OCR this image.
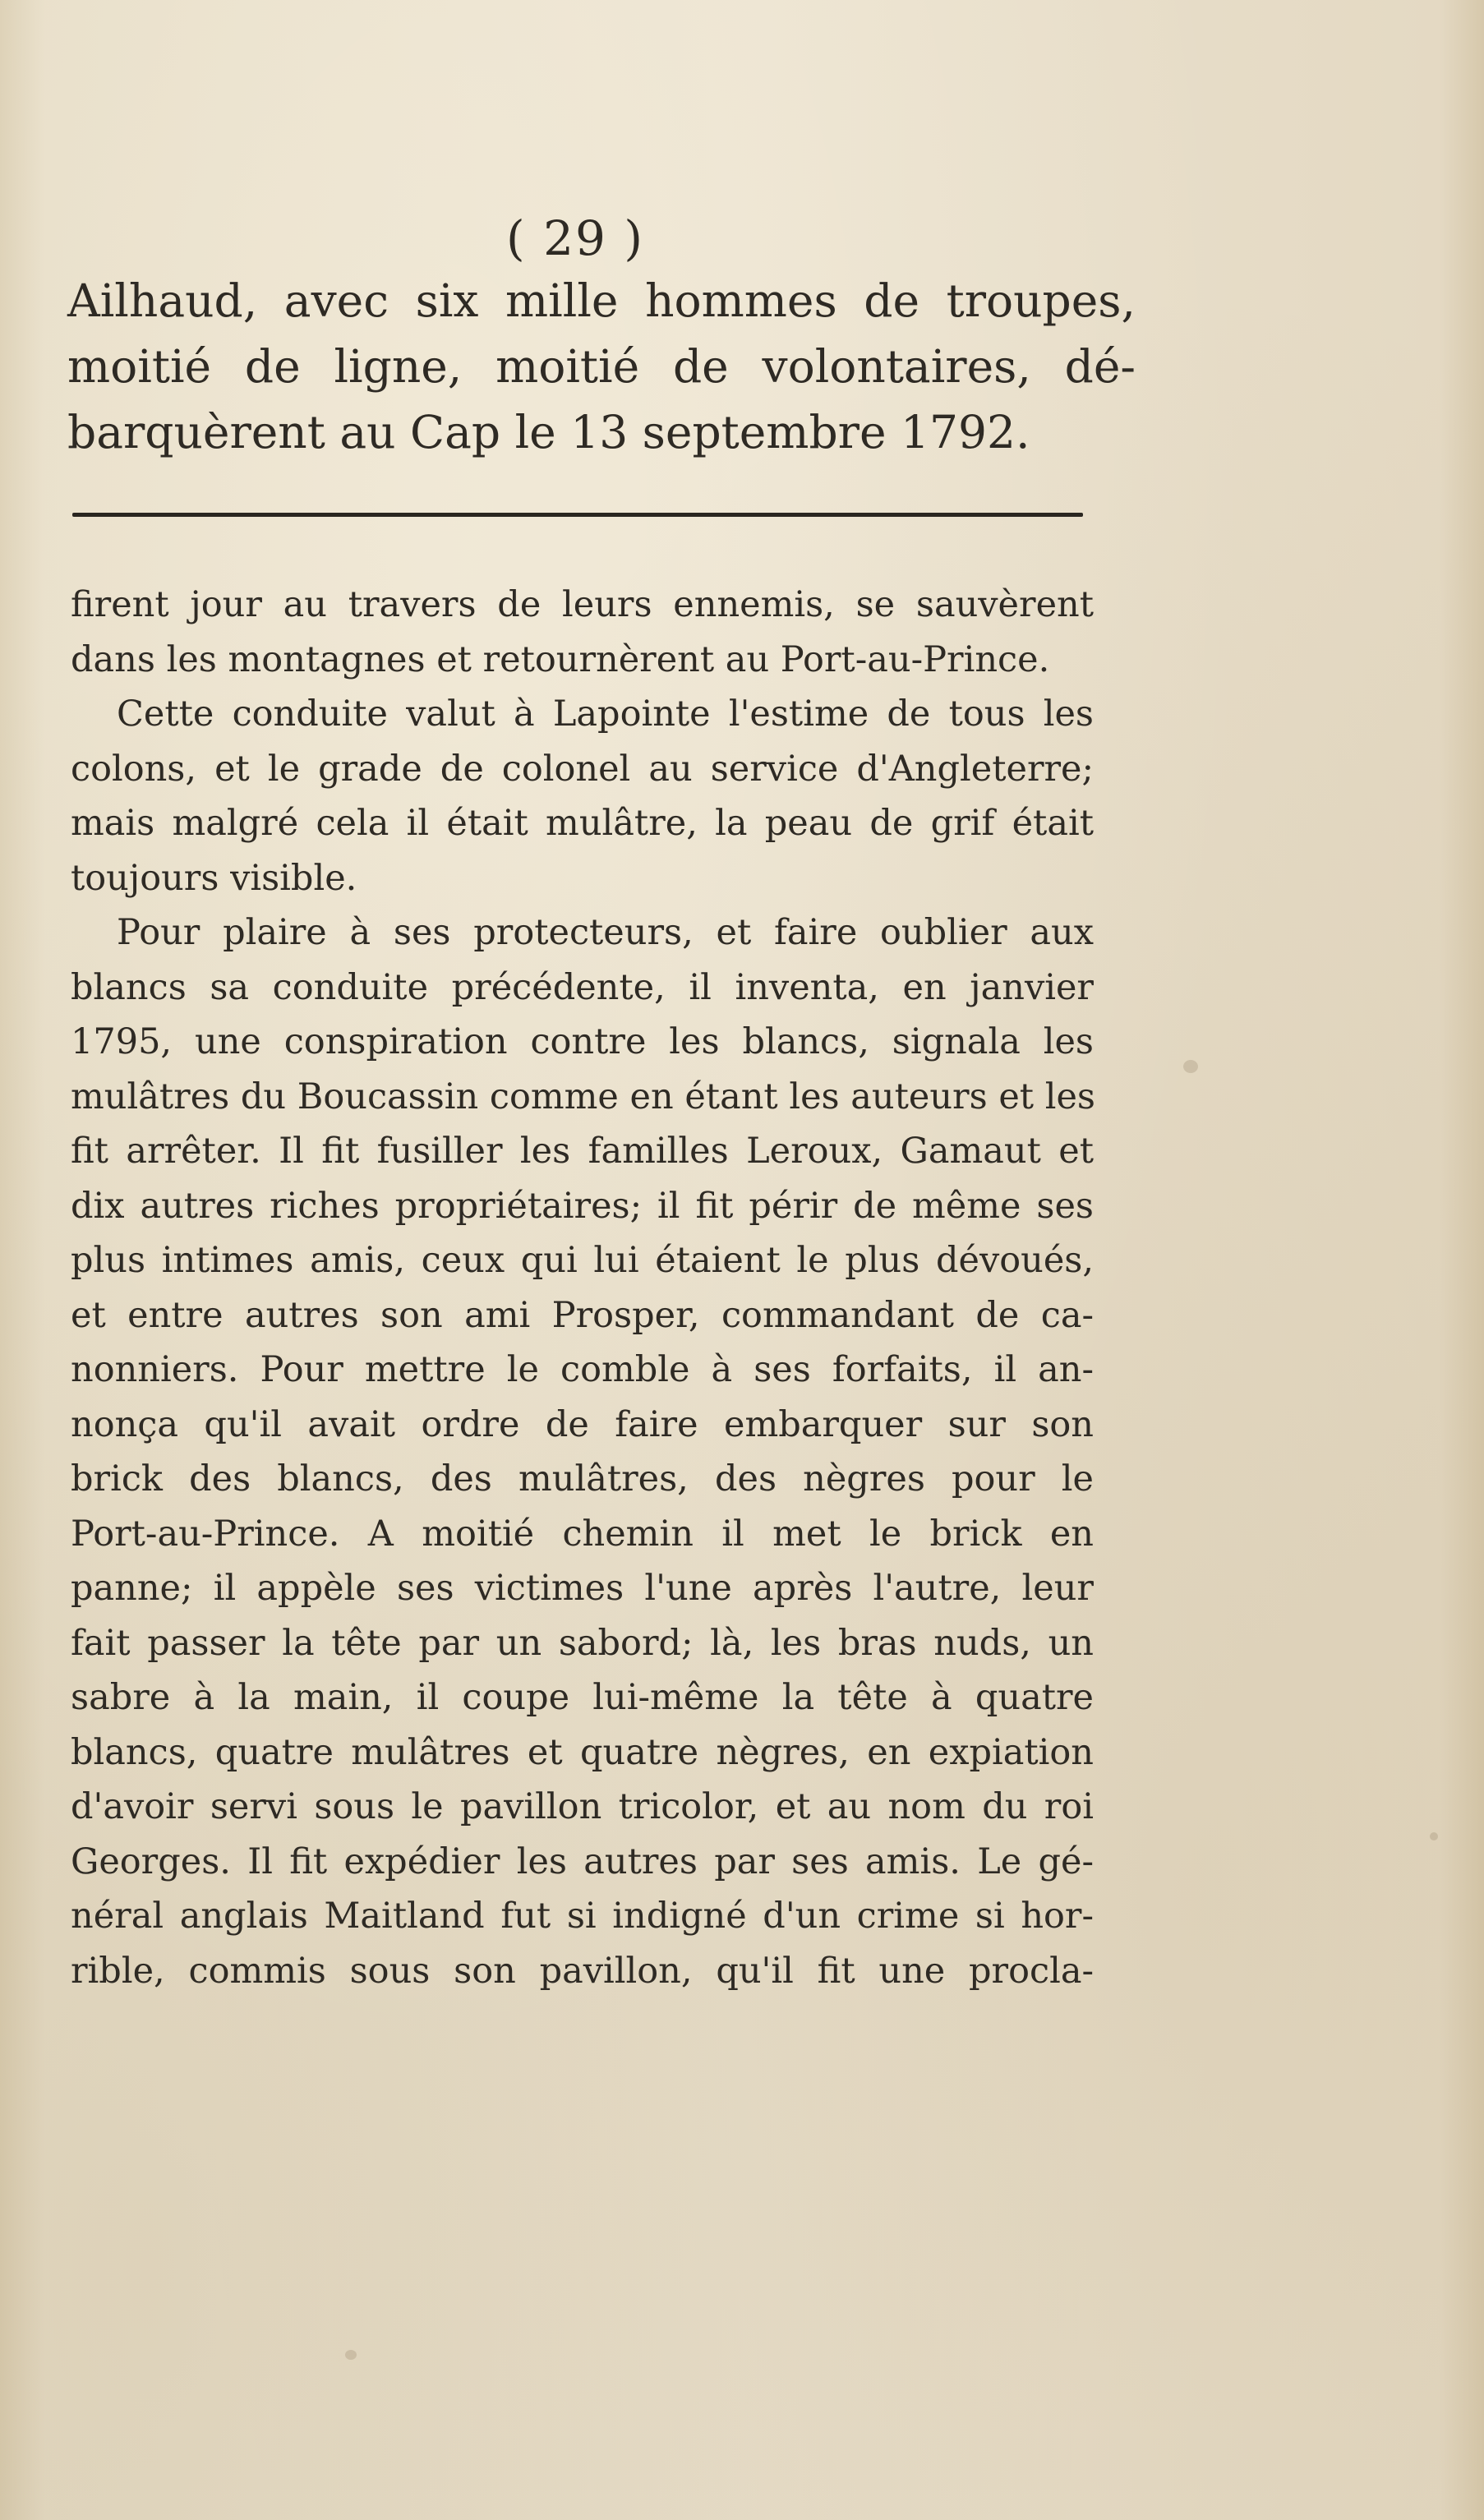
( 29 )
Ailhaud, avec six mille hommes de troupes,
moitié de ligne, moitié de volontaires, dé-
barquèrent au Cap le 13 septembre 1792.
firent jour au travers de leurs ennemis, se sauvèrent
dans les montagnes et retournèrent au Port-au-Prince.
Cette conduite valut à Lapointe l'estime de tous les
colons, et le grade de colonel au service d'Angleterre;
mais malgré cela il était mulâtre, la peau de grif était
toujours visible.
Pour plaire à ses protecteurs, et faire oublier aux
blancs sa conduite précédente, il inventa, en janvier
1795, une conspiration contre les blancs, signala les
mulâtres du Boucassin comme en étant les auteurs et les
fit arrêter. Il fit fusiller les familles Leroux, Gamaut et
dix autres riches propriétaires; il fit périr de même ses
plus intimes amis, ceux qui lui étaient le plus dévoués,
et entre autres son ami Prosper, commandant de ca-
nonniers. Pour mettre le comble à ses forfaits, il an-
nonça qu'il avait ordre de faire embarquer sur son
brick des blancs, des mulâtres, des nègres pour le
Port-au-Prince. A moitié chemin il met le brick en
panne; il appèle ses victimes l'une après l'autre, leur
fait passer la tête par un sabord; là, les bras nuds, un
sabre à la main, il coupe lui-même la tête à quatre
blancs, quatre mulâtres et quatre nègres, en expiation
d'avoir servi sous le pavillon tricolor, et au nom du roi
Georges. Il fit expédier les autres par ses amis. Le gé-
néral anglais Maitland fut si indigné d'un crime si hor-
rible, commis sous son pavillon, qu'il fit une procla-
